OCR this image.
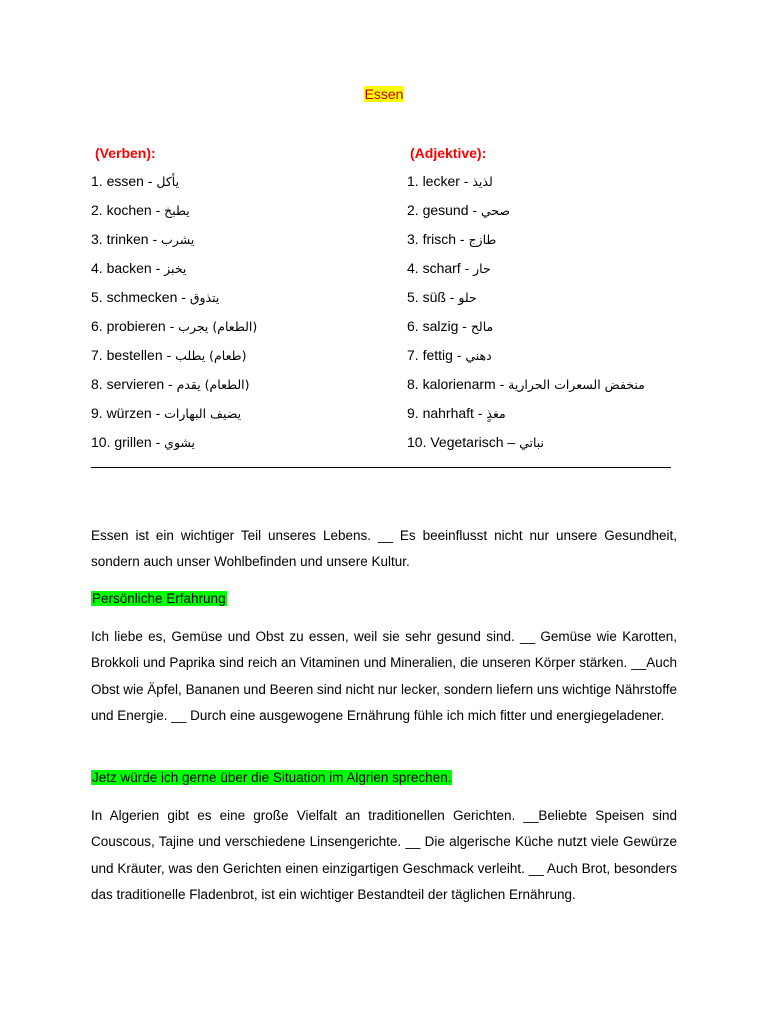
Essen
(Verben):	(Adjektive):
1. essen - يأكل
2. kochen - يطبخ
3. trinken - يشرب
4. backen - يخبز
5. schmecken - يتذوق
6. probieren - (الطعام) يجرب
7. bestellen - (طعام) يطلب
8. servieren - (الطعام) يقدم
9. würzen - يضيف البهارات
10. grillen - يشوي
1. lecker - لذيذ
2. gesund - صحي
3. frisch - طازج
4. scharf - حار
5. süß - حلو
6. salzig - مالح
7. fettig - دهني
8. kalorienarm - منخفض السعرات الحرارية
9. nahrhaft - مغذٍ
10. Vegetarisch – نباتي

Essen ist ein wichtiger Teil unseres Lebens. __ Es beeinflusst nicht nur unsere Gesundheit, sondern auch unser Wohlbefinden und unsere Kultur.

Persönliche Erfahrung

Ich liebe es, Gemüse und Obst zu essen, weil sie sehr gesund sind. __ Gemüse wie Karotten, Brokkoli und Paprika sind reich an Vitaminen und Mineralien, die unseren Körper stärken. __Auch Obst wie Äpfel, Bananen und Beeren sind nicht nur lecker, sondern liefern uns wichtige Nährstoffe und Energie. __ Durch eine ausgewogene Ernährung fühle ich mich fitter und energiegeladener.

Jetz würde ich gerne über die Situation im Algrien sprechen.

In Algerien gibt es eine große Vielfalt an traditionellen Gerichten. __Beliebte Speisen sind Couscous, Tajine und verschiedene Linsengerichte. __ Die algerische Küche nutzt viele Gewürze und Kräuter, was den Gerichten einen einzigartigen Geschmack verleiht. __ Auch Brot, besonders das traditionelle Fladenbrot, ist ein wichtiger Bestandteil der täglichen Ernährung.
